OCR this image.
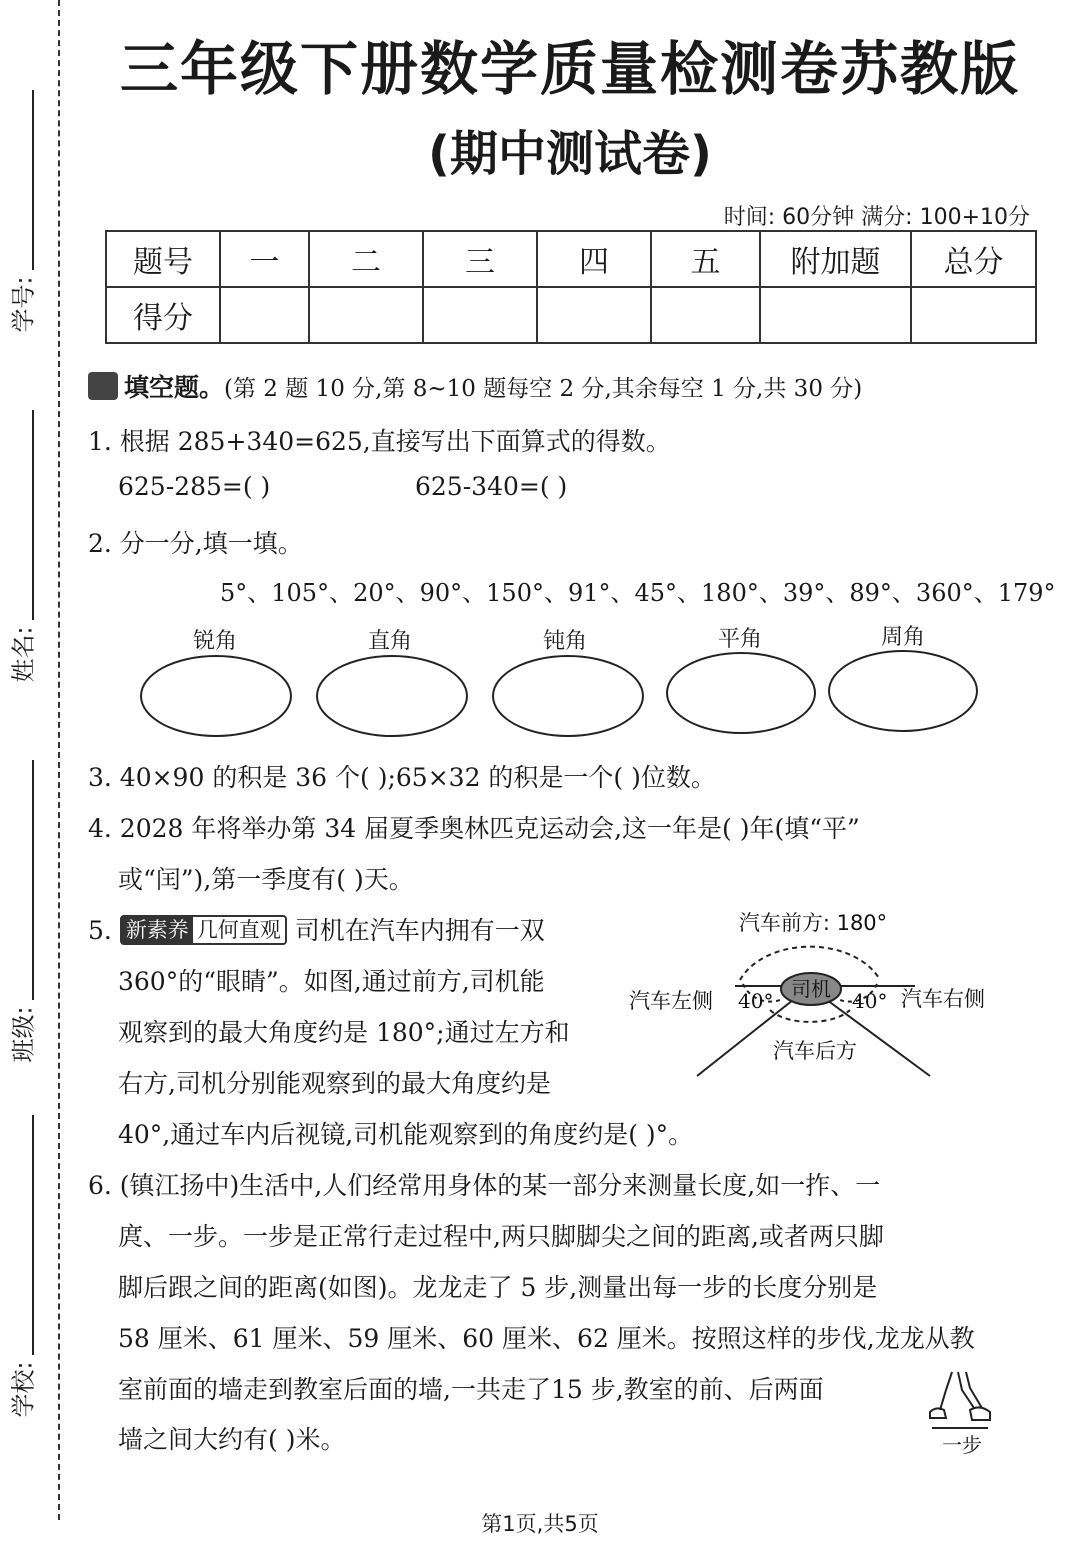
学号:
姓名:
班级:
学校:
三年级下册数学质量检测卷苏教版
(期中测试卷)
时间: 60分钟 满分: 100+10分
题号	一	二	三	四	五	附加题	总分
得分							
填空题。(第 2 题 10 分,第 8~10 题每空 2 分,其余每空 1 分,共 30 分)
1. 根据 285+340=625,直接写出下面算式的得数。
625-285=( )	625-340=( )
2. 分一分,填一填。
5°、105°、20°、90°、150°、91°、45°、180°、39°、89°、360°、179°
锐角	直角	钝角	平角	周角
3. 40×90 的积是 36 个( );65×32 的积是一个( )位数。
4. 2028 年将举办第 34 届夏季奥林匹克运动会,这一年是( )年(填“平”
或“闰”),第一季度有( )天。
5. 新素养 几何直观 司机在汽车内拥有一双
360°的“眼睛”。如图,通过前方,司机能
观察到的最大角度约是 180°;通过左方和
右方,司机分别能观察到的最大角度约是
40°,通过车内后视镜,司机能观察到的角度约是( )°。
司机
汽车前方: 180°
汽车左侧 40°	40° 汽车右侧
汽车后方
6. (镇江扬中)生活中,人们经常用身体的某一部分来测量长度,如一拃、一
庹、一步。一步是正常行走过程中,两只脚脚尖之间的距离,或者两只脚
脚后跟之间的距离(如图)。龙龙走了 5 步,测量出每一步的长度分别是
58 厘米、61 厘米、59 厘米、60 厘米、62 厘米。按照这样的步伐,龙龙从教
室前面的墙走到教室后面的墙,一共走了15 步,教室的前、后两面
墙之间大约有( )米。	一步
第1页,共5页
